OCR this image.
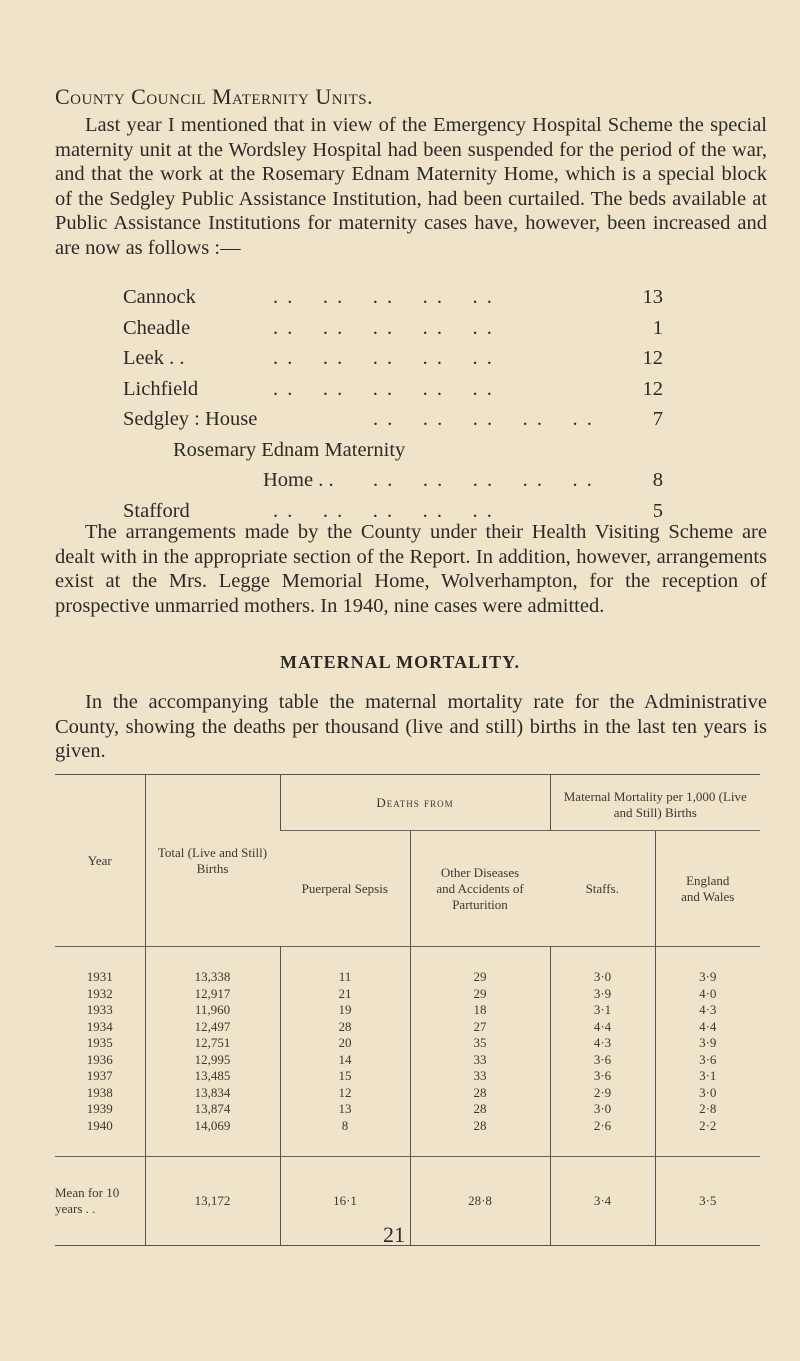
County Council Maternity Units.
Last year I mentioned that in view of the Emergency Hospital Scheme the special maternity unit at the Wordsley Hospital had been suspended for the period of the war, and that the work at the Rosemary Ednam Maternity Home, which is a special block of the Sedgley Public Assistance Institution, had been curtailed. The beds available at Public Assistance Institutions for maternity cases have, however, been increased and are now as follows :—
Cannock	13
. .    . .    . .    . .    . .
Cheadle	1
. .    . .    . .    . .    . .
Leek . .	12
. .    . .    . .    . .    . .
Lichfield	12
. .    . .    . .    . .    . .
Sedgley : House	7
. .    . .    . .    . .    . .
Rosemary Ednam Maternity
Home . .	8
. .    . .    . .    . .    . .
Stafford	5
. .    . .    . .    . .    . .
The arrangements made by the County under their Health Visiting Scheme are dealt with in the appropriate section of the Report. In addition, however, arrangements exist at the Mrs. Legge Memorial Home, Wolverhampton, for the reception of prospective unmarried mothers. In 1940, nine cases were admitted.
MATERNAL MORTALITY.
In the accompanying table the maternal mortality rate for the Administrative County, showing the deaths per thousand (live and still) births in the last ten years is given.
Year	Total (Live and Still) Births	Deaths from		Maternal Mortality per 1,000 (Live and Still) Births	
		Puerperal Sepsis	Other Diseases and Accidents of Parturition		
				Staffs.	England and Wales
1931	13,338	11	29	3·0	3·9
1932	12,917	21	29	3·9	4·0
1933	11,960	19	18	3·1	4·3
1934	12,497	28	27	4·4	4·4
1935	12,751	20	35	4·3	3·9
1936	12,995	14	33	3·6	3·6
1937	13,485	15	33	3·6	3·1
1938	13,834	12	28	2·9	3·0
1939	13,874	13	28	3·0	2·8
1940	14,069	8	28	2·6	2·2
Mean for 10 years . .	13,172	16·1	28·8	3·4	3·5
21
